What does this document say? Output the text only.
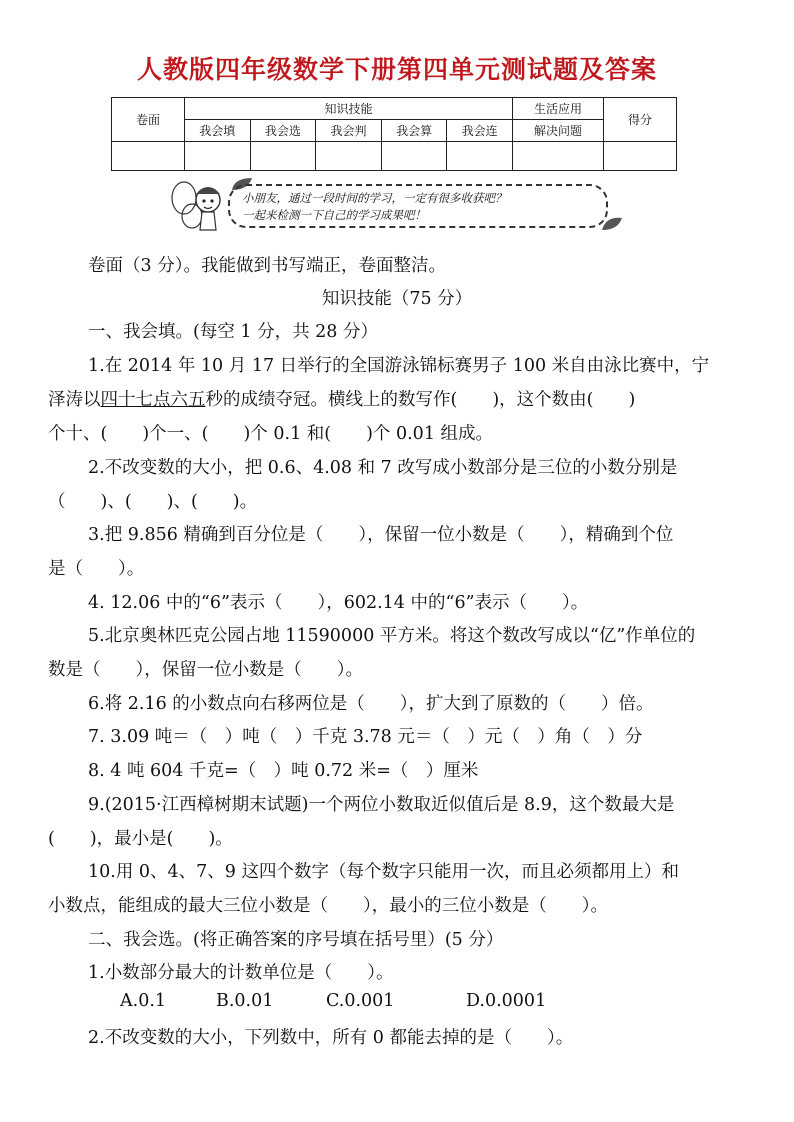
人教版四年级数学下册第四单元测试题及答案
卷面	知识技能					生活应用	得分
	我会填	我会选	我会判	我会算	我会连	解决问题	

小朋友，通过一段时间的学习，一定有很多收获吧？
一起来检测一下自己的学习成果吧！
卷面（3 分）。我能做到书写端正，卷面整洁。
知识技能（75 分）
一、我会填。(每空 1 分，共 28 分）
1.在 2014 年 10 月 17 日举行的全国游泳锦标赛男子 100 米自由泳比赛中，宁
泽涛以四十七点六五秒的成绩夺冠。横线上的数写作(　　)，这个数由(　　)
个十、(　　)个一、(　　)个 0.1 和(　　)个 0.01 组成。
2.不改变数的大小，把 0.6、4.08 和 7 改写成小数部分是三位的小数分别是
（　　)、(　　)、(　　)。
3.把 9.856 精确到百分位是（　　），保留一位小数是（　　），精确到个位
是（　　）。
4. 12.06 中的“6”表示（　　），602.14 中的“6”表示（　　）。
5.北京奥林匹克公园占地 11590000 平方米。将这个数改写成以“亿”作单位的
数是（　　），保留一位小数是（　　）。
6.将 2.16 的小数点向右移两位是（　　），扩大到了原数的（　　）倍。
7. 3.09 吨＝（　）吨（　）千克 3.78 元＝（　）元（　）角（　）分
8. 4 吨 604 千克=（　）吨 0.72 米=（　）厘米
9.(2015·江西樟树期末试题)一个两位小数取近似值后是 8.9，这个数最大是
(　　)，最小是(　　)。
10.用 0、4、7、9 这四个数字（每个数字只能用一次，而且必须都用上）和
小数点，能组成的最大三位小数是（　　），最小的三位小数是（　　）。
二、我会选。(将正确答案的序号填在括号里）(5 分）
1.小数部分最大的计数单位是（　　）。
A.0.1	B.0.01	C.0.001	D.0.0001
2.不改变数的大小，下列数中，所有 0 都能去掉的是（　　）。
